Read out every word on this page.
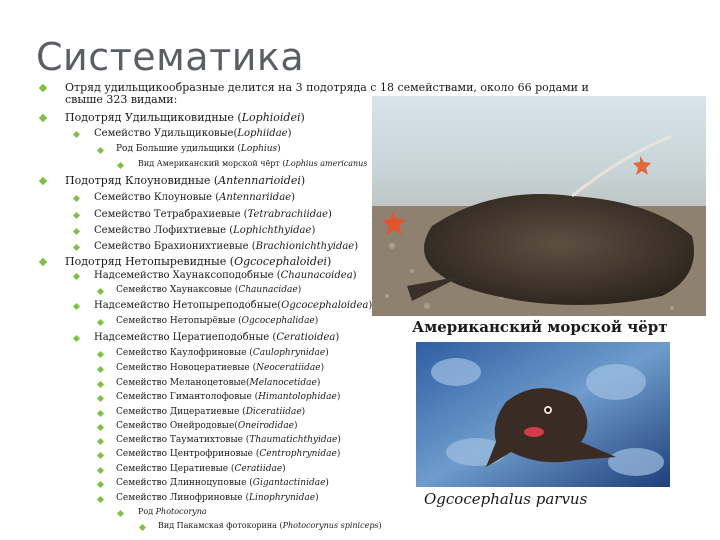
Систематика
Американский морской чёрт
Ogcocephalus parvus
Отряд удильщикообразные делится на 3 подотряда с 18 семействами, около 66 родами и
свыше 323 видами:
Подотряд Удильщиковидные (Lophioidei)
Семейство Удильщиковые(Lophiidae)
Род Большие удильщики (Lophius)
Вид Американский морской чёрт (Lophius americanus
Подотряд Клоуновидные (Antennarioidei)
Семейство Клоуновые (Antennariidae)
Семейство Тетрабрахиевые (Tetrabrachiidae)
Семейство Лофихтиевые (Lophichthyidae)
Семейство Брахионихтиевые (Brachionichthyidae)
Подотряд Нетопыревидные (Ogcocephaloidei)
Надсемейство Хаунаксоподобные (Chaunacoidea)
Семейство Хаунаксовые (Chaunacidae)
Надсемейство Нетопыреподобные(Ogcocephaloidea)
Семейство Нетопырёвые (Ogcocephalidae)
Надсемейство Цератиеподобные (Ceratioidea)
Семейство Каулофриновые (Caulophrynidae)
Семейство Новоцератиевые (Neoceratiidae)
Семейство Меланоцетовые(Melanocetidae)
Семейство Гимантолофовые (Himantolophidae)
Семейство Дицератиевые (Diceratiidae)
Семейство Онейродовые(Oneirodidae)
Семейство Тауматихтовые (Thaumatichthyidae)
Семейство Центрофриновые (Centrophrynidae)
Семейство Цератиевые (Ceratiidae)
Семейство Длинноцуповые (Gigantactinidae)
Семейство Линофриновые (Linophrynidae)
Род Photocoryna
Вид Пакамская фотокорина (Photocorynus spiniceps)
